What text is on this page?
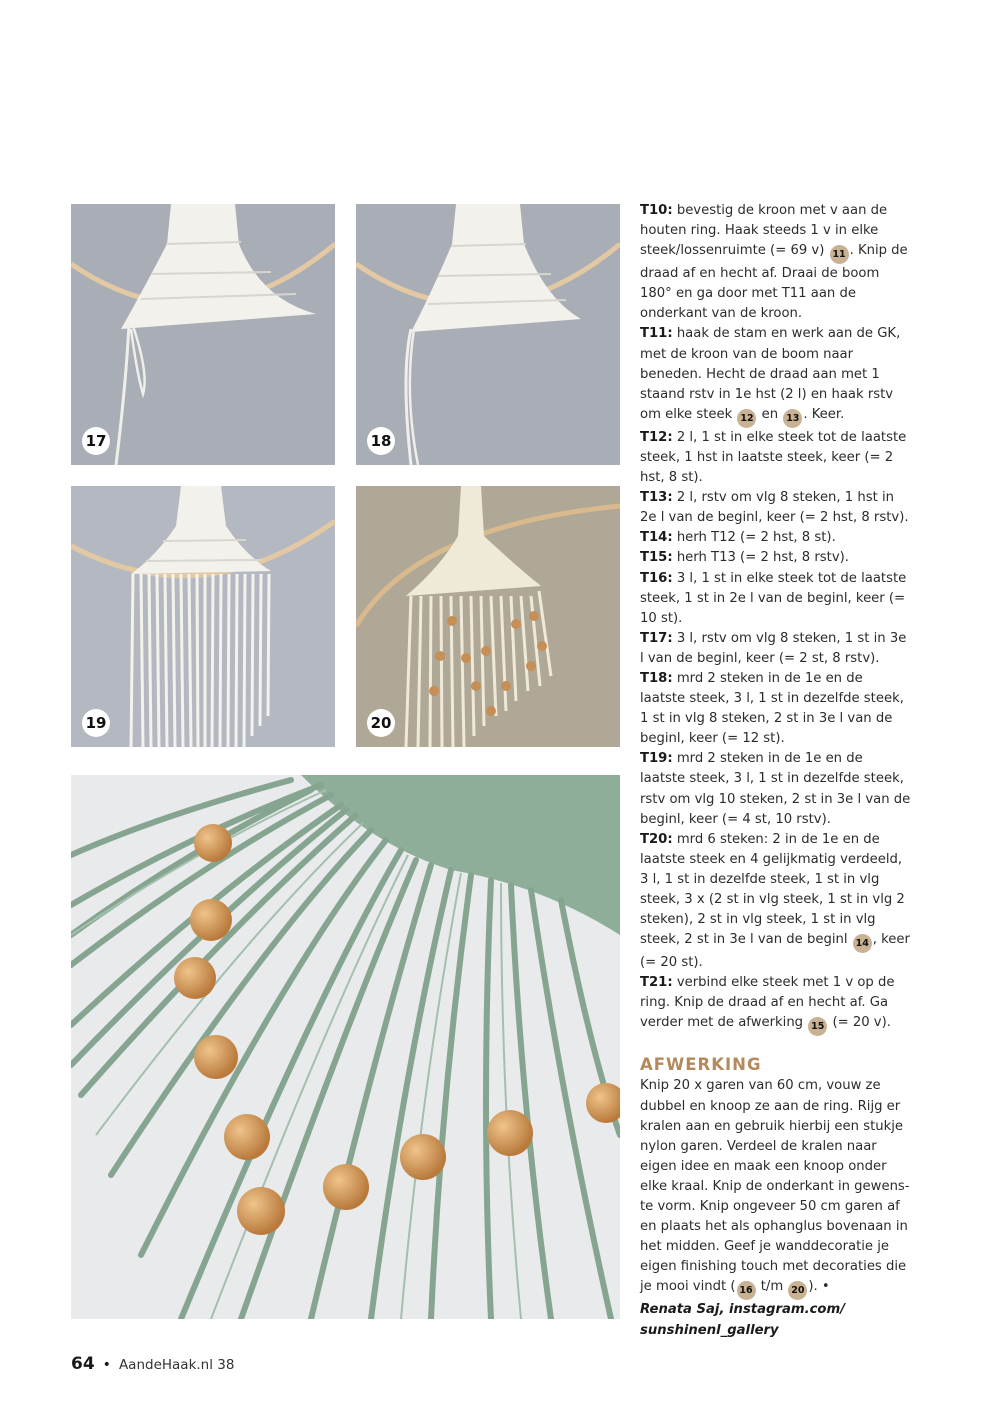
17	18
19	20

T10: bevestig de kroon met v aan de houten ring. Haak steeds 1 v in elke steek/lossenruimte (= 69 v) 11 . Knip de draad af en hecht af. Draai de boom 180° en ga door met T11 aan de onderkant van de kroon.

T11: haak de stam en werk aan de GK, met de kroon van de boom naar beneden. Hecht de draad aan met 1 staand rstv in 1e hst (2 l) en haak rstv om elke steek 12 en 13 . Keer.

T12: 2 l, 1 st in elke steek tot de laatste steek, 1 hst in laatste steek, keer (= 2 hst, 8 st).

T13: 2 l, rstv om vlg 8 steken, 1 hst in 2e l van de beginl, keer (= 2 hst, 8 rstv).

T14: herh T12 (= 2 hst, 8 st).

T15: herh T13 (= 2 hst, 8 rstv).

T16: 3 l, 1 st in elke steek tot de laatste steek, 1 st in 2e l van de beginl, keer (= 10 st).

T17: 3 l, rstv om vlg 8 steken, 1 st in 3e l van de beginl, keer (= 2 st, 8 rstv).

T18: mrd 2 steken in de 1e en de laatste steek, 3 l, 1 st in dezelfde steek, 1 st in vlg 8 steken, 2 st in 3e l van de beginl, keer (= 12 st).

T19: mrd 2 steken in de 1e en de laatste steek, 3 l, 1 st in dezelfde steek, rstv om vlg 10 steken, 2 st in 3e l van de beginl, keer (= 4 st, 10 rstv).

T20: mrd 6 steken: 2 in de 1e en de laatste steek en 4 gelijkmatig verdeeld, 3 l, 1 st in dezelfde steek, 1 st in vlg steek, 3 x (2 st in vlg steek, 1 st in vlg 2 steken), 2 st in vlg steek, 1 st in vlg steek, 2 st in 3e l van de beginl 14 , keer (= 20 st).

T21: verbind elke steek met 1 v op de ring. Knip de draad af en hecht af. Ga verder met de afwerking 15 (= 20 v).

AFWERKING

Knip 20 x garen van 60 cm, vouw ze dubbel en knoop ze aan de ring. Rijg er kralen aan en gebruik hierbij een stukje nylon garen. Verdeel de kralen naar eigen idee en maak een knoop onder elke kraal. Knip de onderkant in gewenste vorm. Knip ongeveer 50 cm garen af en plaats het als ophanglus bovenaan in het midden. Geef je wanddecoratie je eigen finishing touch met decoraties die je mooi vindt ( 16 t/m 20 ). •

Renata Saj, instagram.com/ sunshinenl_gallery

64 • AandeHaak.nl 38
